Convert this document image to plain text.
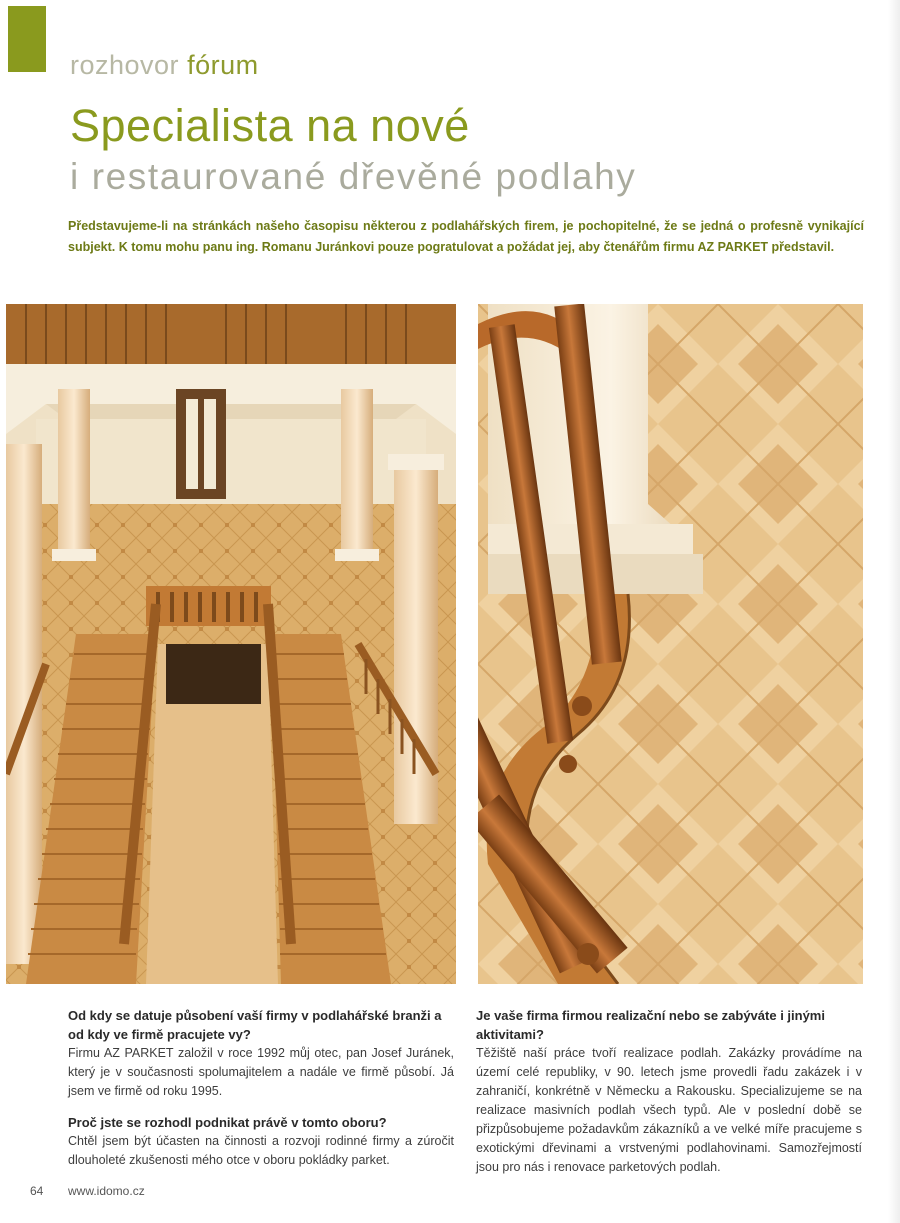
rozhovor fórum
Specialista na nové
i restaurované dřevěné podlahy
Představujeme-li na stránkách našeho časopisu některou z podlahářských firem, je pochopitelné, že se jedná o profesně vynikající subjekt. K tomu mohu panu ing. Romanu Juránkovi pouze pogratulovat a požádat jej, aby čtenářům firmu AZ PARKET představil.

Od kdy se datuje působení vaší firmy v podlahářské branži a od kdy ve firmě pracujete vy?

Firmu AZ PARKET založil v roce 1992 můj otec, pan Josef Juránek, který je v současnosti spolumajitelem a nadále ve firmě působí. Já jsem ve firmě od roku 1995.

Proč jste se rozhodl podnikat právě v tomto oboru?

Chtěl jsem být účasten na činnosti a rozvoji rodinné firmy a zúročit dlouholeté zkušenosti mého otce v oboru pokládky parket.

Je vaše firma firmou realizační nebo se zabýváte i jinými aktivitami?

Těžiště naší práce tvoří realizace podlah. Zakázky provádíme na území celé republiky, v 90. letech jsme provedli řadu zakázek i v zahraničí, konkrétně v Německu a Rakousku. Specializujeme se na realizace masivních podlah všech typů. Ale v poslední době se přizpůsobujeme požadavkům zákazníků a ve velké míře pracujeme s exotickými dřevinami a vrstvenými podlahovinami. Samozřejmostí jsou pro nás i renovace parketových podlah.

64 www.idomo.cz
